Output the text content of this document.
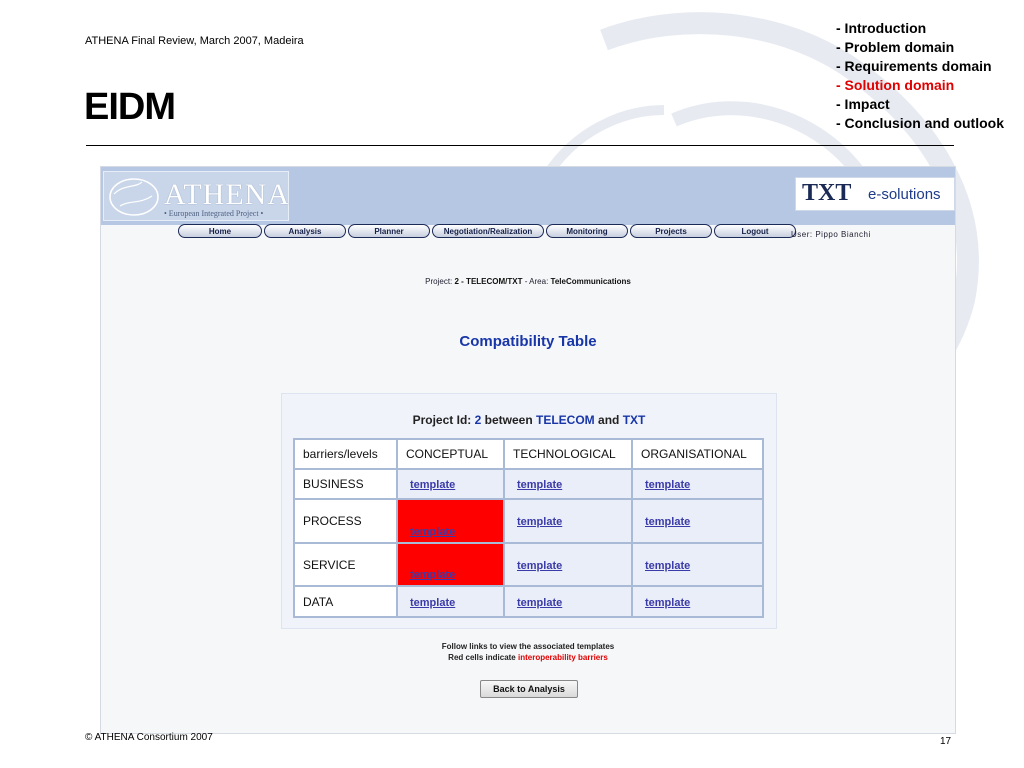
ATHENA Final Review, March 2007, Madeira
EIDM
- Introduction
- Problem domain
- Requirements domain
- Solution domain
- Impact
- Conclusion and outlook
ATHENA
• European Integrated Project •
TXT e-solutions
Home	Analysis	Planner	Negotiation/Realization	Monitoring	Projects	Logout	User: Pippo Bianchi
Project: 2 - TELECOM/TXT - Area: TeleCommunications
Compatibility Table
Project Id: 2 between TELECOM and TXT
barriers/levels	CONCEPTUAL	TECHNOLOGICAL	ORGANISATIONAL
BUSINESS	template	template	template
PROCESS	template	template	template
SERVICE	template	template	template
DATA	template	template	template
Follow links to view the associated templates
Red cells indicate interoperability barriers
Back to Analysis
© ATHENA Consortium 2007	17
